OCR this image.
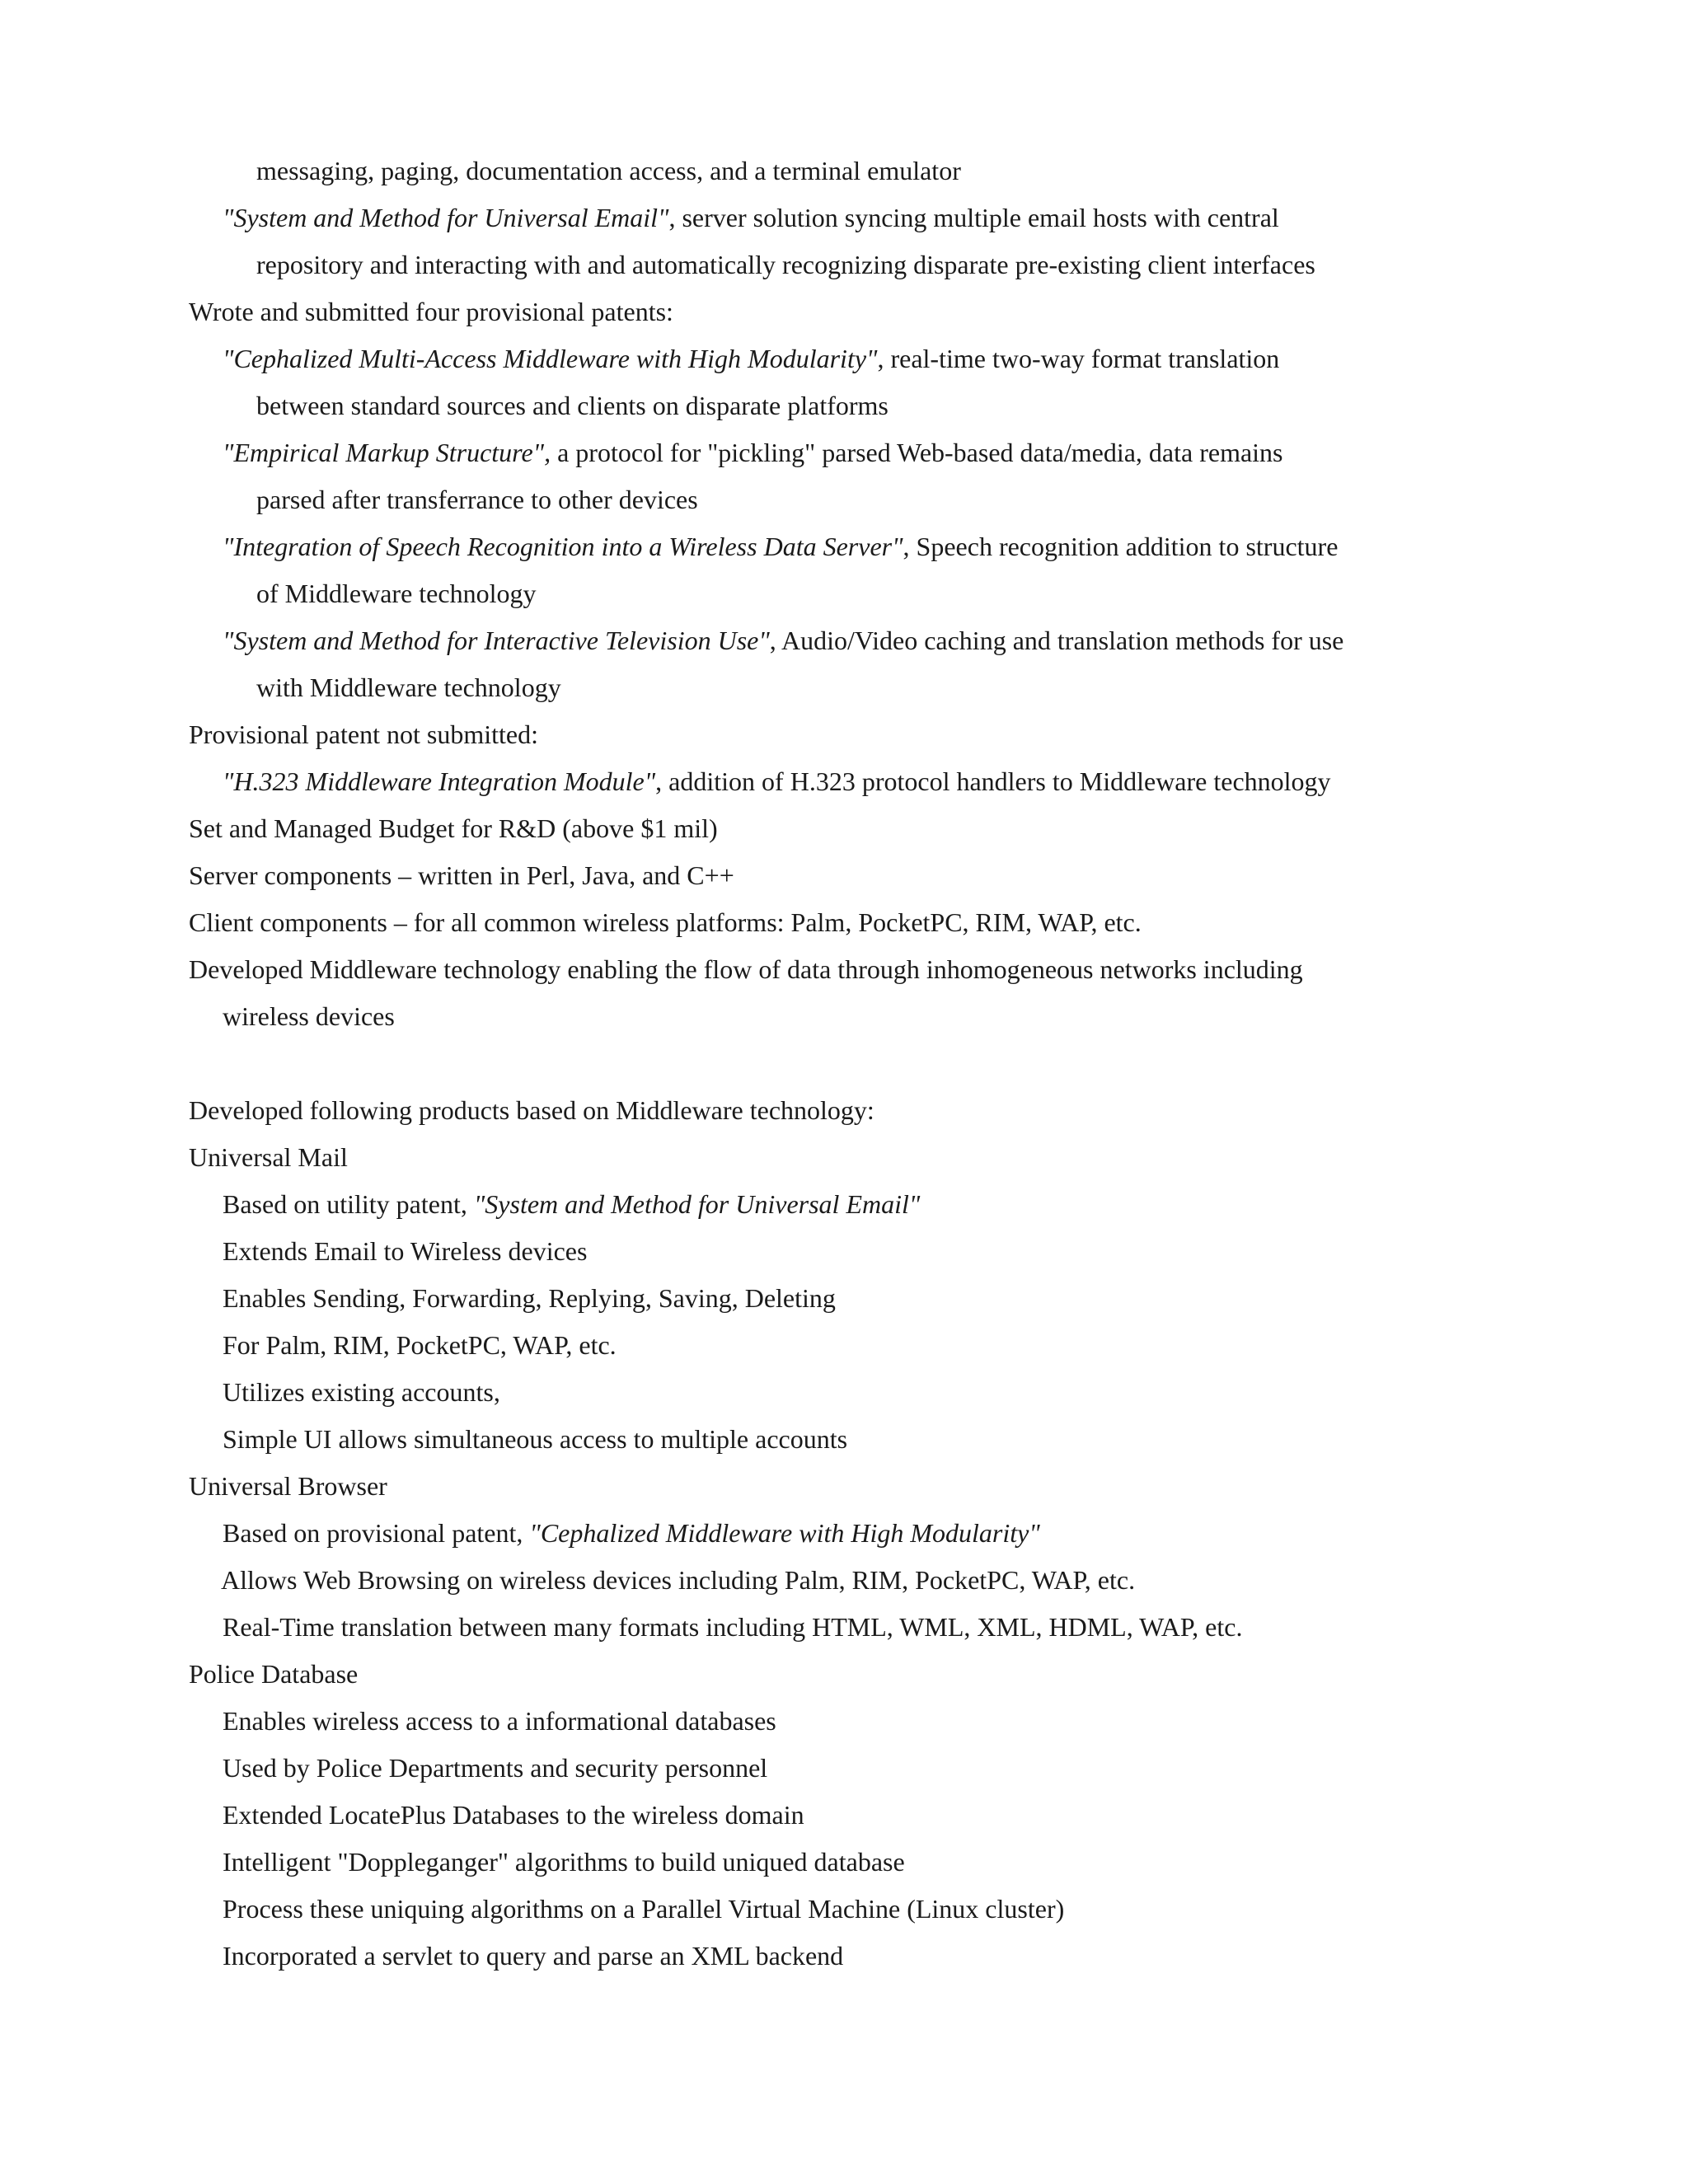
messaging, paging, documentation access, and a terminal emulator
"System and Method for Universal Email", server solution syncing multiple email hosts with central
repository and interacting with and automatically recognizing disparate pre-existing client interfaces
Wrote and submitted four provisional patents:
"Cephalized Multi-Access Middleware with High Modularity", real-time two-way format translation
between standard sources and clients on disparate platforms
"Empirical Markup Structure", a protocol for "pickling" parsed Web-based data/media, data remains
parsed after transferrance to other devices
"Integration of Speech Recognition into a Wireless Data Server", Speech recognition addition to structure
of Middleware technology
"System and Method for Interactive Television Use", Audio/Video caching and translation methods for use
with Middleware technology
Provisional patent not submitted:
"H.323 Middleware Integration Module", addition of H.323 protocol handlers to Middleware technology
Set and Managed Budget for R&D (above $1 mil)
Server components – written in Perl, Java, and C++
Client components – for all common wireless platforms: Palm, PocketPC, RIM, WAP, etc.
Developed Middleware technology enabling the flow of data through inhomogeneous networks including
wireless devices
Developed following products based on Middleware technology:
Universal Mail
Based on utility patent, "System and Method for Universal Email"
Extends Email to Wireless devices
Enables Sending, Forwarding, Replying, Saving, Deleting
For Palm, RIM, PocketPC, WAP, etc.
Utilizes existing accounts,
Simple UI allows simultaneous access to multiple accounts
Universal Browser
Based on provisional patent, "Cephalized Middleware with High Modularity"
Allows Web Browsing on wireless devices including Palm, RIM, PocketPC, WAP, etc.
Real-Time translation between many formats including HTML, WML, XML, HDML, WAP, etc.
Police Database
Enables wireless access to a informational databases
Used by Police Departments and security personnel
Extended LocatePlus Databases to the wireless domain
Intelligent "Doppleganger" algorithms to build uniqued database
Process these uniquing algorithms on a Parallel Virtual Machine (Linux cluster)
Incorporated a servlet to query and parse an XML backend
